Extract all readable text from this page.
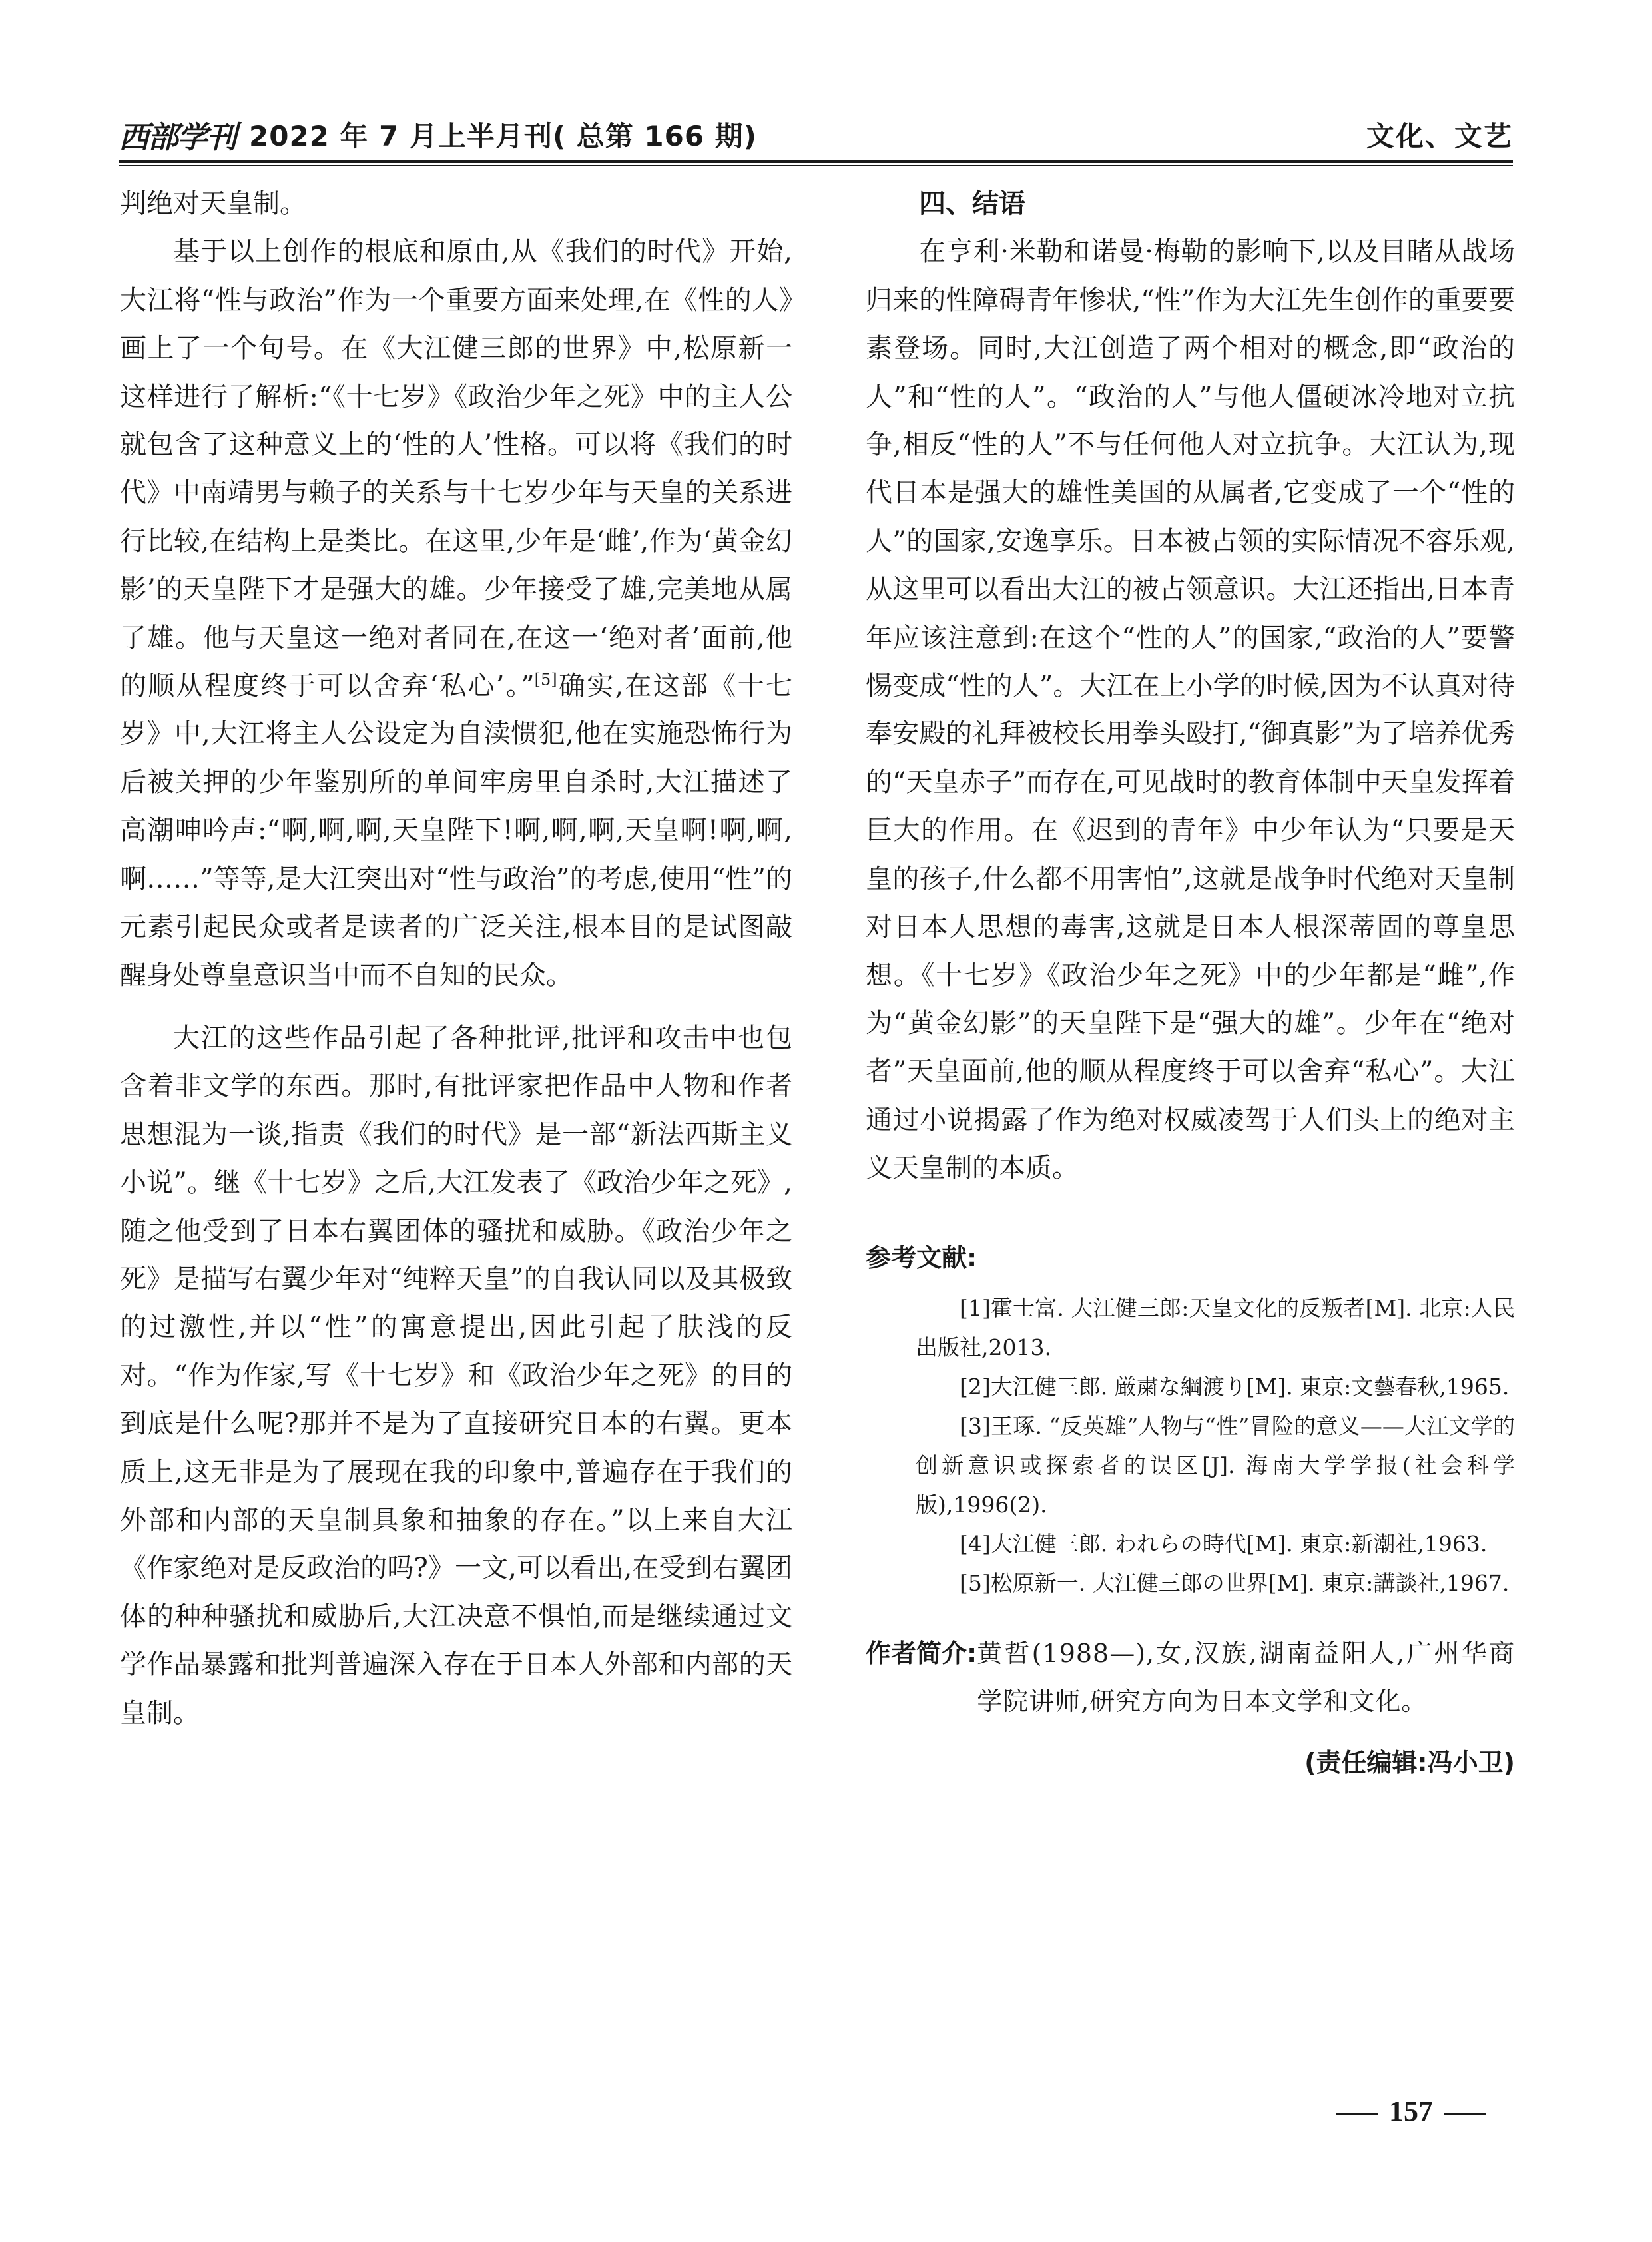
西部学刊 2022 年 7 月上半月刊( 总第 166 期)	文化、文艺

判绝对天皇制。

基于以上创作的根底和原由,从《我们的时代》开始,大江将“性与政治”作为一个重要方面来处理,在《性的人》画上了一个句号。在《大江健三郎的世界》中,松原新一这样进行了解析:“《十七岁》《政治少年之死》中的主人公就包含了这种意义上的‘性的人’性格。可以将《我们的时代》中南靖男与赖子的关系与十七岁少年与天皇的关系进行比较,在结构上是类比。在这里,少年是‘雌’,作为‘黄金幻影’的天皇陛下才是强大的雄。少年接受了雄,完美地从属了雄。他与天皇这一绝对者同在,在这一‘绝对者’面前,他的顺从程度终于可以舍弃‘私心’。”[5]确实,在这部《十七岁》中,大江将主人公设定为自渎惯犯,他在实施恐怖行为后被关押的少年鉴别所的单间牢房里自杀时,大江描述了高潮呻吟声:“啊,啊,啊,天皇陛下!啊,啊,啊,天皇啊!啊,啊,啊……”等等,是大江突出对“性与政治”的考虑,使用“性”的元素引起民众或者是读者的广泛关注,根本目的是试图敲醒身处尊皇意识当中而不自知的民众。

大江的这些作品引起了各种批评,批评和攻击中也包含着非文学的东西。那时,有批评家把作品中人物和作者思想混为一谈,指责《我们的时代》是一部“新法西斯主义小说”。继《十七岁》之后,大江发表了《政治少年之死》,随之他受到了日本右翼团体的骚扰和威胁。《政治少年之死》是描写右翼少年对“纯粹天皇”的自我认同以及其极致的过激性,并以“性”的寓意提出,因此引起了肤浅的反对。“作为作家,写《十七岁》和《政治少年之死》的目的到底是什么呢?那并不是为了直接研究日本的右翼。更本质上,这无非是为了展现在我的印象中,普遍存在于我们的外部和内部的天皇制具象和抽象的存在。”以上来自大江《作家绝对是反政治的吗?》一文,可以看出,在受到右翼团体的种种骚扰和威胁后,大江决意不惧怕,而是继续通过文学作品暴露和批判普遍深入存在于日本人外部和内部的天皇制。

四、结语

在亨利·米勒和诺曼·梅勒的影响下,以及目睹从战场归来的性障碍青年惨状,“性”作为大江先生创作的重要要素登场。同时,大江创造了两个相对的概念,即“政治的人”和“性的人”。“政治的人”与他人僵硬冰冷地对立抗争,相反“性的人”不与任何他人对立抗争。大江认为,现代日本是强大的雄性美国的从属者,它变成了一个“性的人”的国家,安逸享乐。日本被占领的实际情况不容乐观,从这里可以看出大江的被占领意识。大江还指出,日本青年应该注意到:在这个“性的人”的国家,“政治的人”要警惕变成“性的人”。大江在上小学的时候,因为不认真对待奉安殿的礼拜被校长用拳头殴打,“御真影”为了培养优秀的“天皇赤子”而存在,可见战时的教育体制中天皇发挥着巨大的作用。在《迟到的青年》中少年认为“只要是天皇的孩子,什么都不用害怕”,这就是战争时代绝对天皇制对日本人思想的毒害,这就是日本人根深蒂固的尊皇思想。《十七岁》《政治少年之死》中的少年都是“雌”,作为“黄金幻影”的天皇陛下是“强大的雄”。少年在“绝对者”天皇面前,他的顺从程度终于可以舍弃“私心”。大江通过小说揭露了作为绝对权威凌驾于人们头上的绝对主义天皇制的本质。

参考文献:

[1]霍士富. 大江健三郎:天皇文化的反叛者[M]. 北京:人民出版社,2013.

[2]大江健三郎. 厳粛な綱渡り[M]. 東京:文藝春秋,1965.

[3]王琢. “反英雄”人物与“性”冒险的意义——大江文学的创新意识或探索者的误区[J]. 海南大学学报(社会科学版),1996(2).

[4]大江健三郎. われらの時代[M]. 東京:新潮社,1963.

[5]松原新一. 大江健三郎の世界[M]. 東京:講談社,1967.

作者简介: 黄哲(1988—),女,汉族,湖南益阳人,广州华商学院讲师,研究方向为日本文学和文化。
(责任编辑:冯小卫)
157
